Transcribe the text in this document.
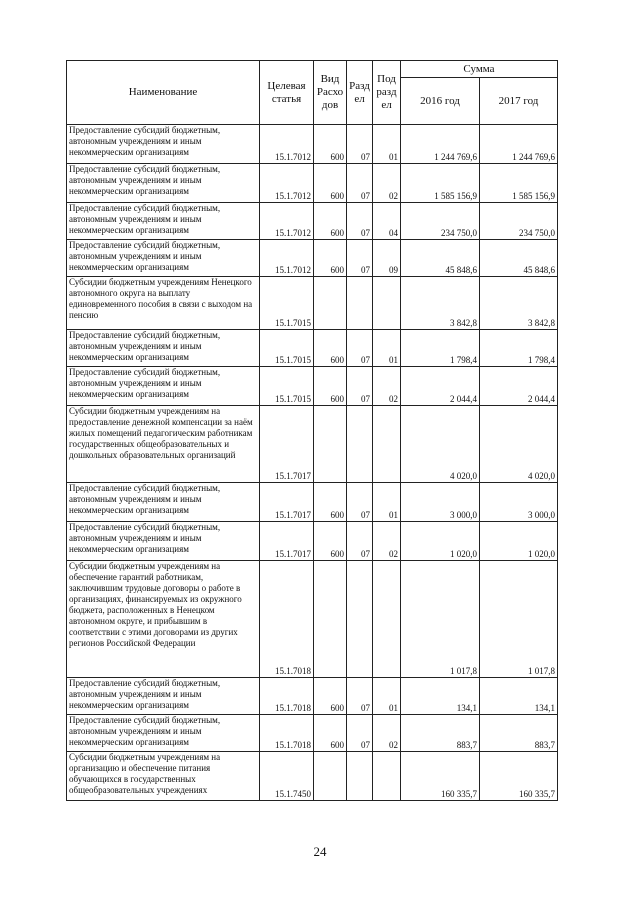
Наименование	Целевая статья	Вид Расхо дов	Разд ел	Под разд ел	Сумма	
					2016 год	2017 год
Предоставление субсидий бюджетным, автономным учреждениям и иным некоммерческим организациям	15.1.7012	600	07	01	1 244 769,6	1 244 769,6
Предоставление субсидий бюджетным, автономным учреждениям и иным некоммерческим организациям	15.1.7012	600	07	02	1 585 156,9	1 585 156,9
Предоставление субсидий бюджетным, автономным учреждениям и иным некоммерческим организациям	15.1.7012	600	07	04	234 750,0	234 750,0
Предоставление субсидий бюджетным, автономным учреждениям и иным некоммерческим организациям	15.1.7012	600	07	09	45 848,6	45 848,6
Субсидии бюджетным учреждениям Ненецкого автономного округа на выплату единовременного пособия в связи с выходом на пенсию	15.1.7015				3 842,8	3 842,8
Предоставление субсидий бюджетным, автономным учреждениям и иным некоммерческим организациям	15.1.7015	600	07	01	1 798,4	1 798,4
Предоставление субсидий бюджетным, автономным учреждениям и иным некоммерческим организациям	15.1.7015	600	07	02	2 044,4	2 044,4
Субсидии бюджетным учреждениям на предоставление денежной компенсации за наём жилых помещений педагогическим работникам государственных общеобразовательных и дошкольных образовательных организаций	15.1.7017				4 020,0	4 020,0
Предоставление субсидий бюджетным, автономным учреждениям и иным некоммерческим организациям	15.1.7017	600	07	01	3 000,0	3 000,0
Предоставление субсидий бюджетным, автономным учреждениям и иным некоммерческим организациям	15.1.7017	600	07	02	1 020,0	1 020,0
Субсидии бюджетным учреждениям на обеспечение гарантий работникам, заключившим трудовые договоры о работе в организациях, финансируемых из окружного бюджета, расположенных в Ненецком автономном округе, и прибывшим в соответствии с этими договорами из других регионов Российской Федерации	15.1.7018				1 017,8	1 017,8
Предоставление субсидий бюджетным, автономным учреждениям и иным некоммерческим организациям	15.1.7018	600	07	01	134,1	134,1
Предоставление субсидий бюджетным, автономным учреждениям и иным некоммерческим организациям	15.1.7018	600	07	02	883,7	883,7
Субсидии бюджетным учреждениям на организацию и обеспечение питания обучающихся в государственных общеобразовательных учреждениях	15.1.7450				160 335,7	160 335,7
24
